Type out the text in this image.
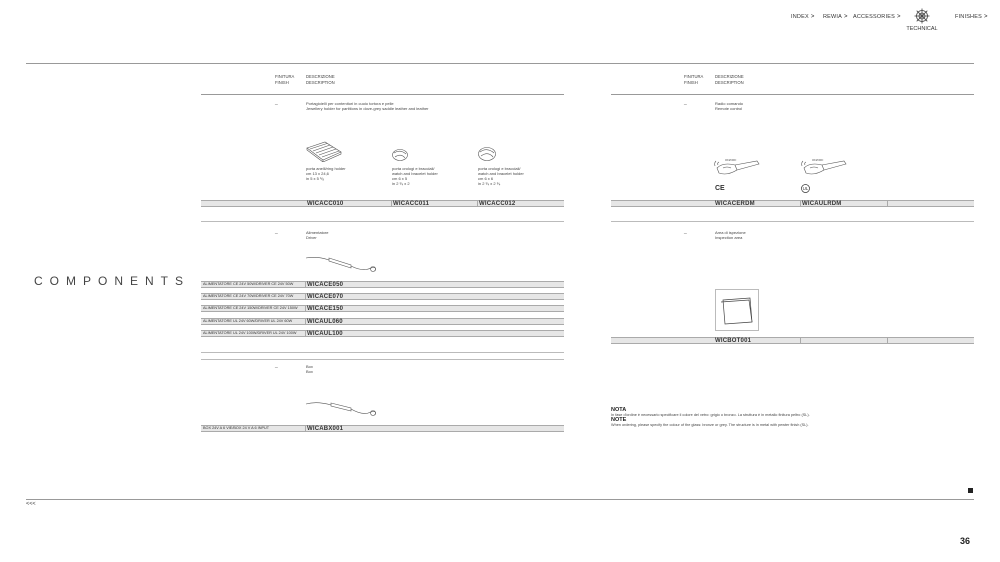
INDEX > REWIA > ACCESSORIES >
TECHNICAL
FINISHES >
FINITURA
FINISH
DESCRIZIONE
DESCRIPTION
FINITURA
FINISH
DESCRIZIONE
DESCRIPTION
COMPONENTS
_	Portagioielli per contenitori in cuoio tortora e pelle
Jewellery holder for partitions in dove-grey saddle leather and leather
porta anelli/ring holder
cm 13 x 24,6
in 5 x 5 ⁵⁄₈
porta orologi e bracciali/
watch and bracelet holder
cm 6 x 5
in 2 ¹⁄₄ x 2
porta orologi e bracciali/
watch and bracelet holder
cm 6 x 6
in 2 ¹⁄₄ x 2 ¹⁄₄
WICACC010	WICACC011	WICACC012
_	Radio comando
Remote control
ON/OFF
CE
ON/OFF
UL
WICACERDM	WICAULRDM
_	Alimentatore
Driver
ALIMENTATORE CE 24V 50W/DRIVER CE 24V 50W WICACE050
ALIMENTATORE CE 24V 70W/DRIVER CE 24V 70W WICACE070
ALIMENTATORE CE 24V 150W/DRIVER CE 24V 150W WICACE150
ALIMENTATORE UL 24V 60W/DRIVER UL 24V 60W WICAUL060
ALIMENTATORE UL 24V 100W/DRIVER UL 24V 100W WICAUL100
_	Area di ispezione
Inspection area
WICBOT001
_	Box
Box
BOX 24V A 6 VIE/BOX 24 V A 6 INPUT	WICABX001
NOTA
In fase d'ordine è necessario specificare il colore del vetro: grigio o bronzo. La struttura è in metallo finitura peltro (SL).
NOTE
When ordering, please specify the colour of the glass: bronze or grey. The structure is in metal with pewter finish (SL).
<<<
36
